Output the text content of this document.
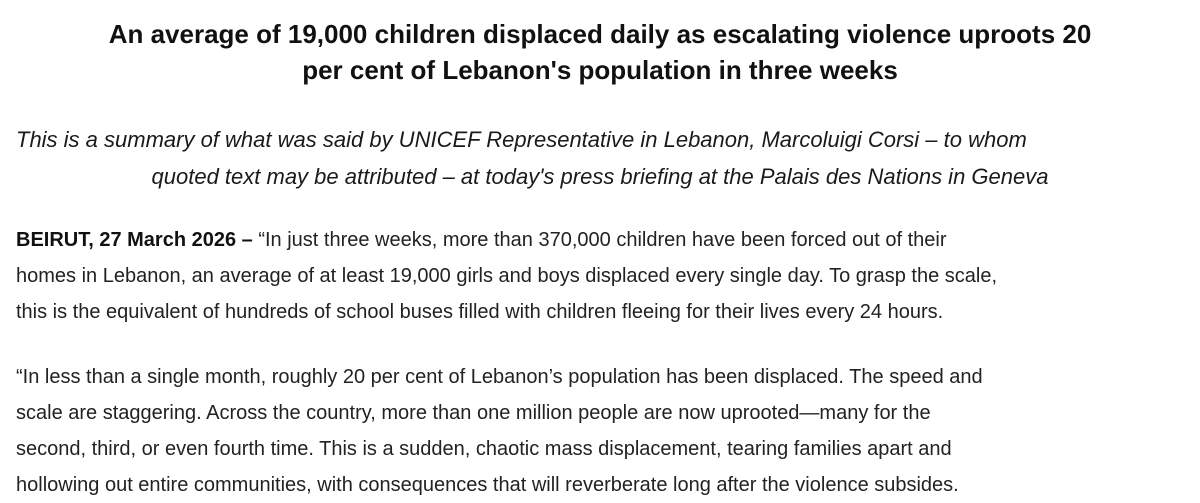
An average of 19,000 children displaced daily as escalating violence uproots 20
per cent of Lebanon's population in three weeks

This is a summary of what was said by UNICEF Representative in Lebanon, Marcoluigi Corsi – to whom
quoted text may be attributed – at today's press briefing at the Palais des Nations in Geneva

BEIRUT, 27 March 2026 – “In just three weeks, more than 370,000 children have been forced out of their
homes in Lebanon, an average of at least 19,000 girls and boys displaced every single day. To grasp the scale,
this is the equivalent of hundreds of school buses filled with children fleeing for their lives every 24 hours.

“In less than a single month, roughly 20 per cent of Lebanon’s population has been displaced. The speed and
scale are staggering. Across the country, more than one million people are now uprooted—many for the
second, third, or even fourth time. This is a sudden, chaotic mass displacement, tearing families apart and
hollowing out entire communities, with consequences that will reverberate long after the violence subsides.
